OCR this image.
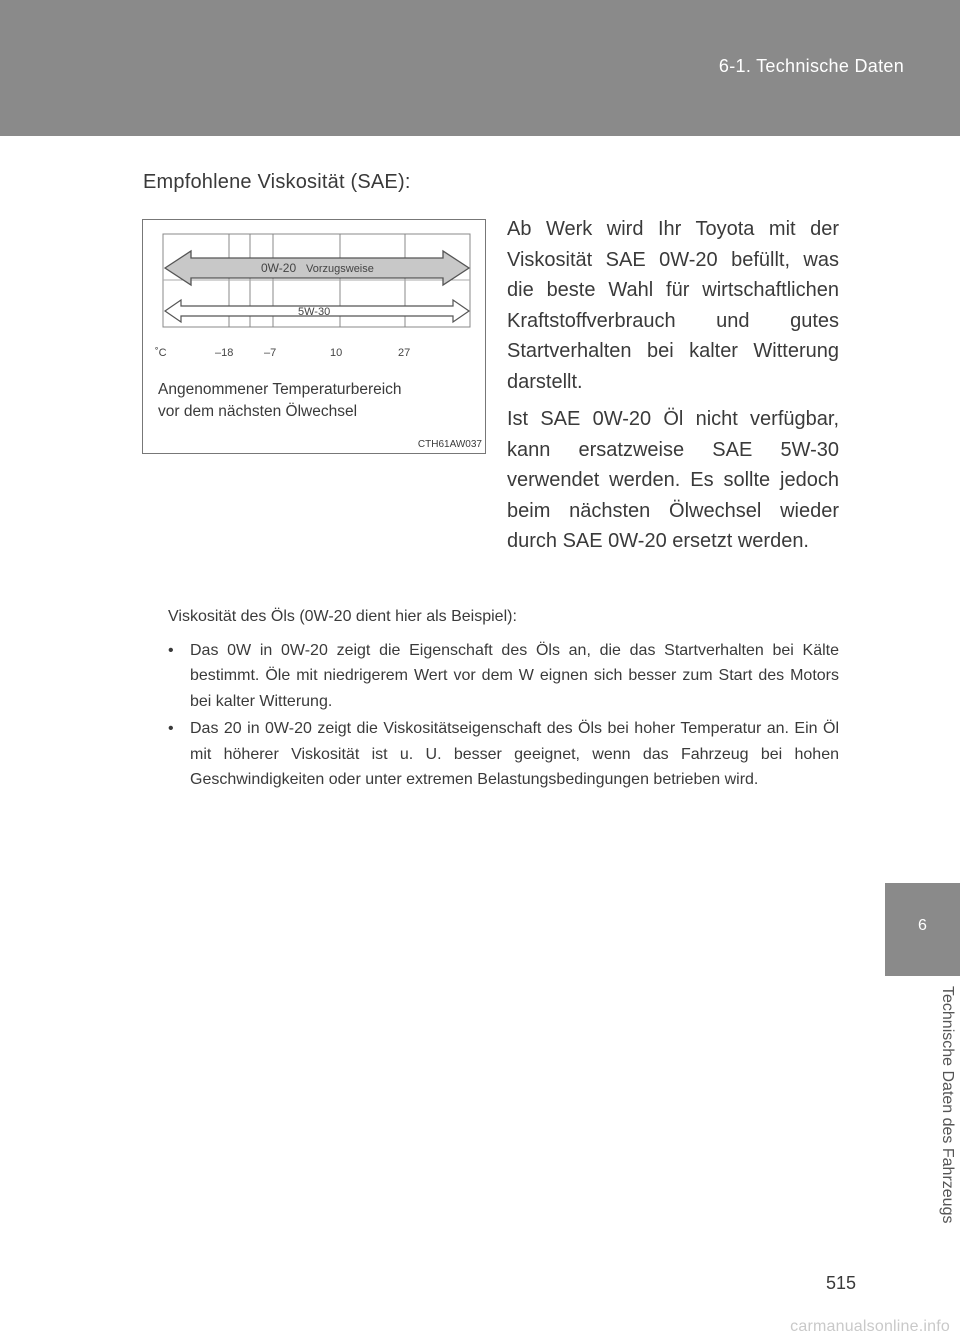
6-1. Technische Daten
6
Technische Daten des Fahrzeugs
Empfohlene Viskosität (SAE):
0W-20 Vorzugsweise
5W-30
˚C	–18	–7	10	27
Angenommener Temperaturbereich
vor dem nächsten Ölwechsel
CTH61AW037

Ab Werk wird Ihr Toyota mit der Viskosität SAE 0W-20 befüllt, was die beste Wahl für wirtschaftlichen Kraftstoffverbrauch und gutes Startverhalten bei kalter Witterung darstellt.

Ist SAE 0W-20 Öl nicht verfügbar, kann ersatzweise SAE 5W-30 verwendet werden. Es sollte jedoch beim nächsten Ölwechsel wieder durch SAE 0W-20 ersetzt werden.

Viskosität des Öls (0W-20 dient hier als Beispiel):

• Das 0W in 0W-20 zeigt die Eigenschaft des Öls an, die das Startverhalten bei Kälte bestimmt. Öle mit niedrigerem Wert vor dem W eignen sich besser zum Start des Motors bei kalter Witterung.
• Das 20 in 0W-20 zeigt die Viskositätseigenschaft des Öls bei hoher Temperatur an. Ein Öl mit höherer Viskosität ist u. U. besser geeignet, wenn das Fahrzeug bei hohen Geschwindigkeiten oder unter extremen Belastungsbedingungen betrieben wird.
515
carmanualsonline.info
